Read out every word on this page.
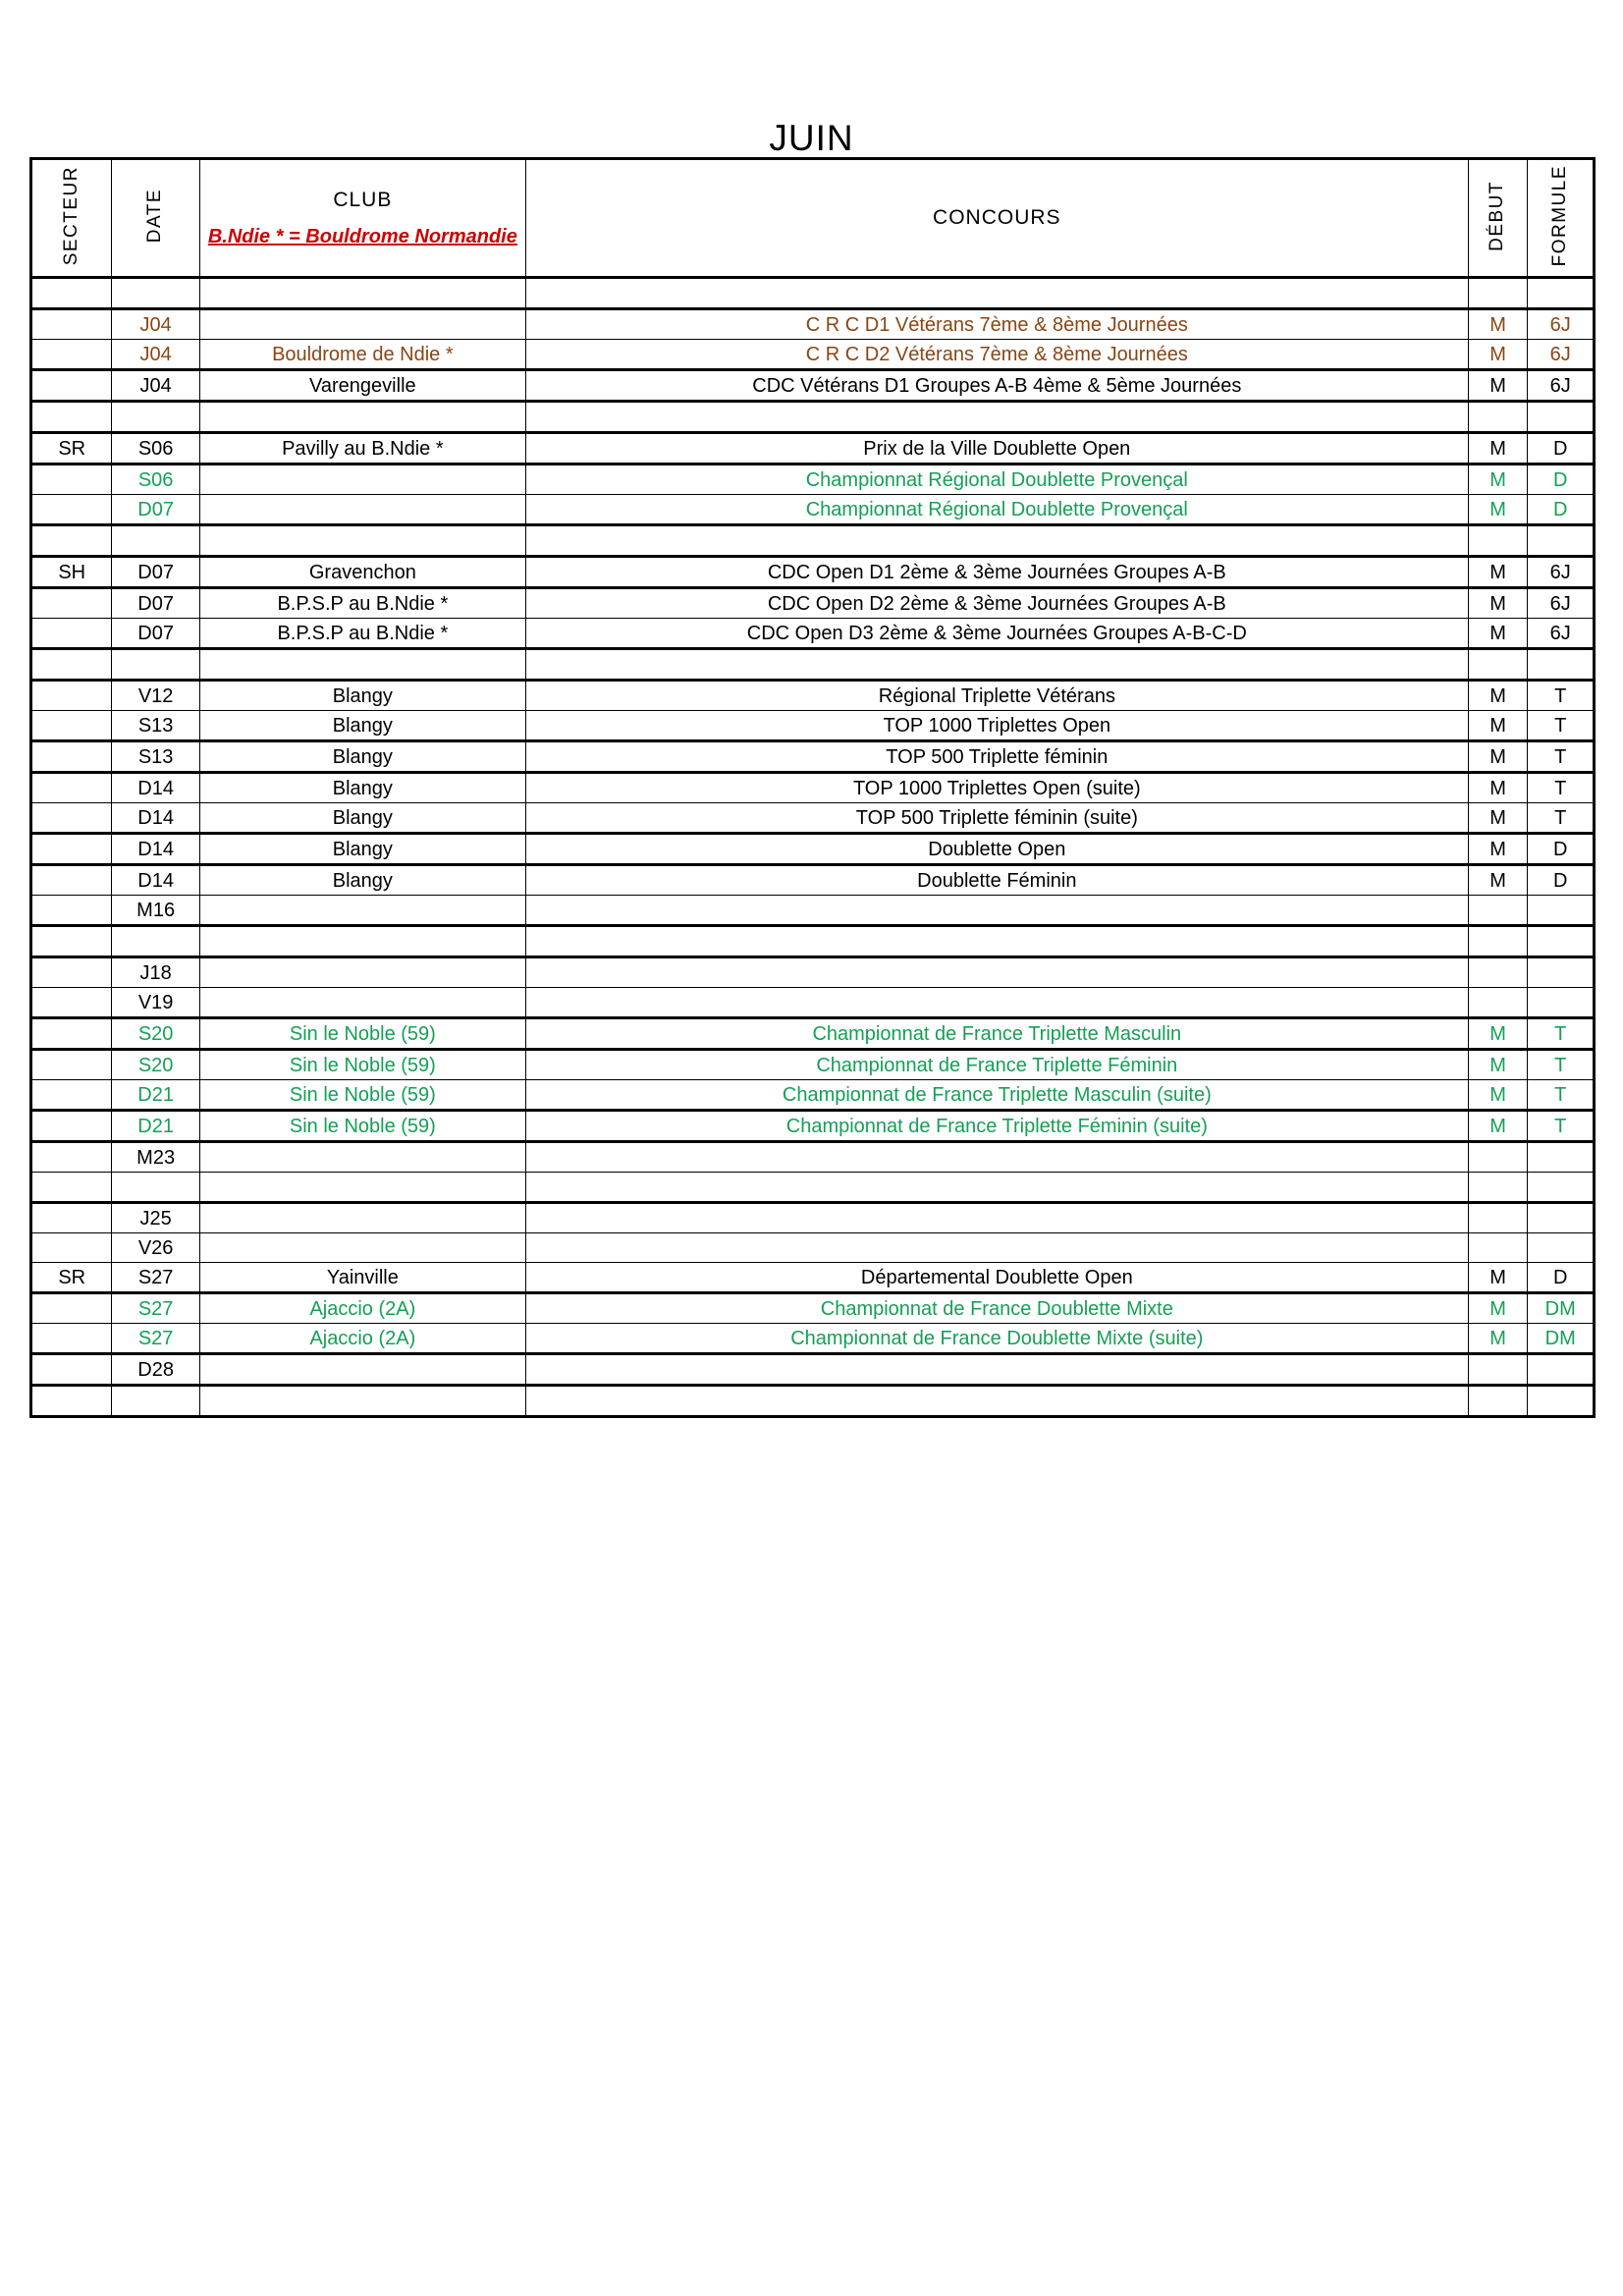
JUIN
SECTEUR	DATE	CLUB
B.Ndie * = Bouldrome Normandie	CONCOURS	DÉBUT	FORMULE

	J04		C R C D1 Vétérans 7ème & 8ème Journées	M	6J
	J04	Bouldrome de Ndie *	C R C D2 Vétérans 7ème & 8ème Journées	M	6J
	J04	Varengeville	CDC Vétérans D1 Groupes A-B 4ème & 5ème Journées	M	6J

SR	S06	Pavilly au B.Ndie *	Prix de la Ville Doublette Open	M	D
	S06		Championnat Régional Doublette Provençal	M	D
	D07		Championnat Régional Doublette Provençal	M	D

SH	D07	Gravenchon	CDC Open D1 2ème & 3ème Journées Groupes A-B	M	6J
	D07	B.P.S.P au B.Ndie *	CDC Open D2 2ème & 3ème Journées Groupes A-B	M	6J
	D07	B.P.S.P au B.Ndie *	CDC Open D3 2ème & 3ème Journées Groupes A-B-C-D	M	6J

	V12	Blangy	Régional Triplette Vétérans	M	T
	S13	Blangy	TOP 1000 Triplettes Open	M	T
	S13	Blangy	TOP 500 Triplette féminin	M	T
	D14	Blangy	TOP 1000 Triplettes Open (suite)	M	T
	D14	Blangy	TOP 500 Triplette féminin (suite)	M	T
	D14	Blangy	Doublette Open	M	D
	D14	Blangy	Doublette Féminin	M	D
	M16				

	J18				
	V19				
	S20	Sin le Noble (59)	Championnat de France Triplette Masculin	M	T
	S20	Sin le Noble (59)	Championnat de France Triplette Féminin	M	T
	D21	Sin le Noble (59)	Championnat de France Triplette Masculin (suite)	M	T
	D21	Sin le Noble (59)	Championnat de France Triplette Féminin (suite)	M	T
	M23				

	J25				
	V26				
SR	S27	Yainville	Départemental Doublette Open	M	D
	S27	Ajaccio (2A)	Championnat de France Doublette Mixte	M	DM
	S27	Ajaccio (2A)	Championnat de France Doublette Mixte (suite)	M	DM
	D28				
